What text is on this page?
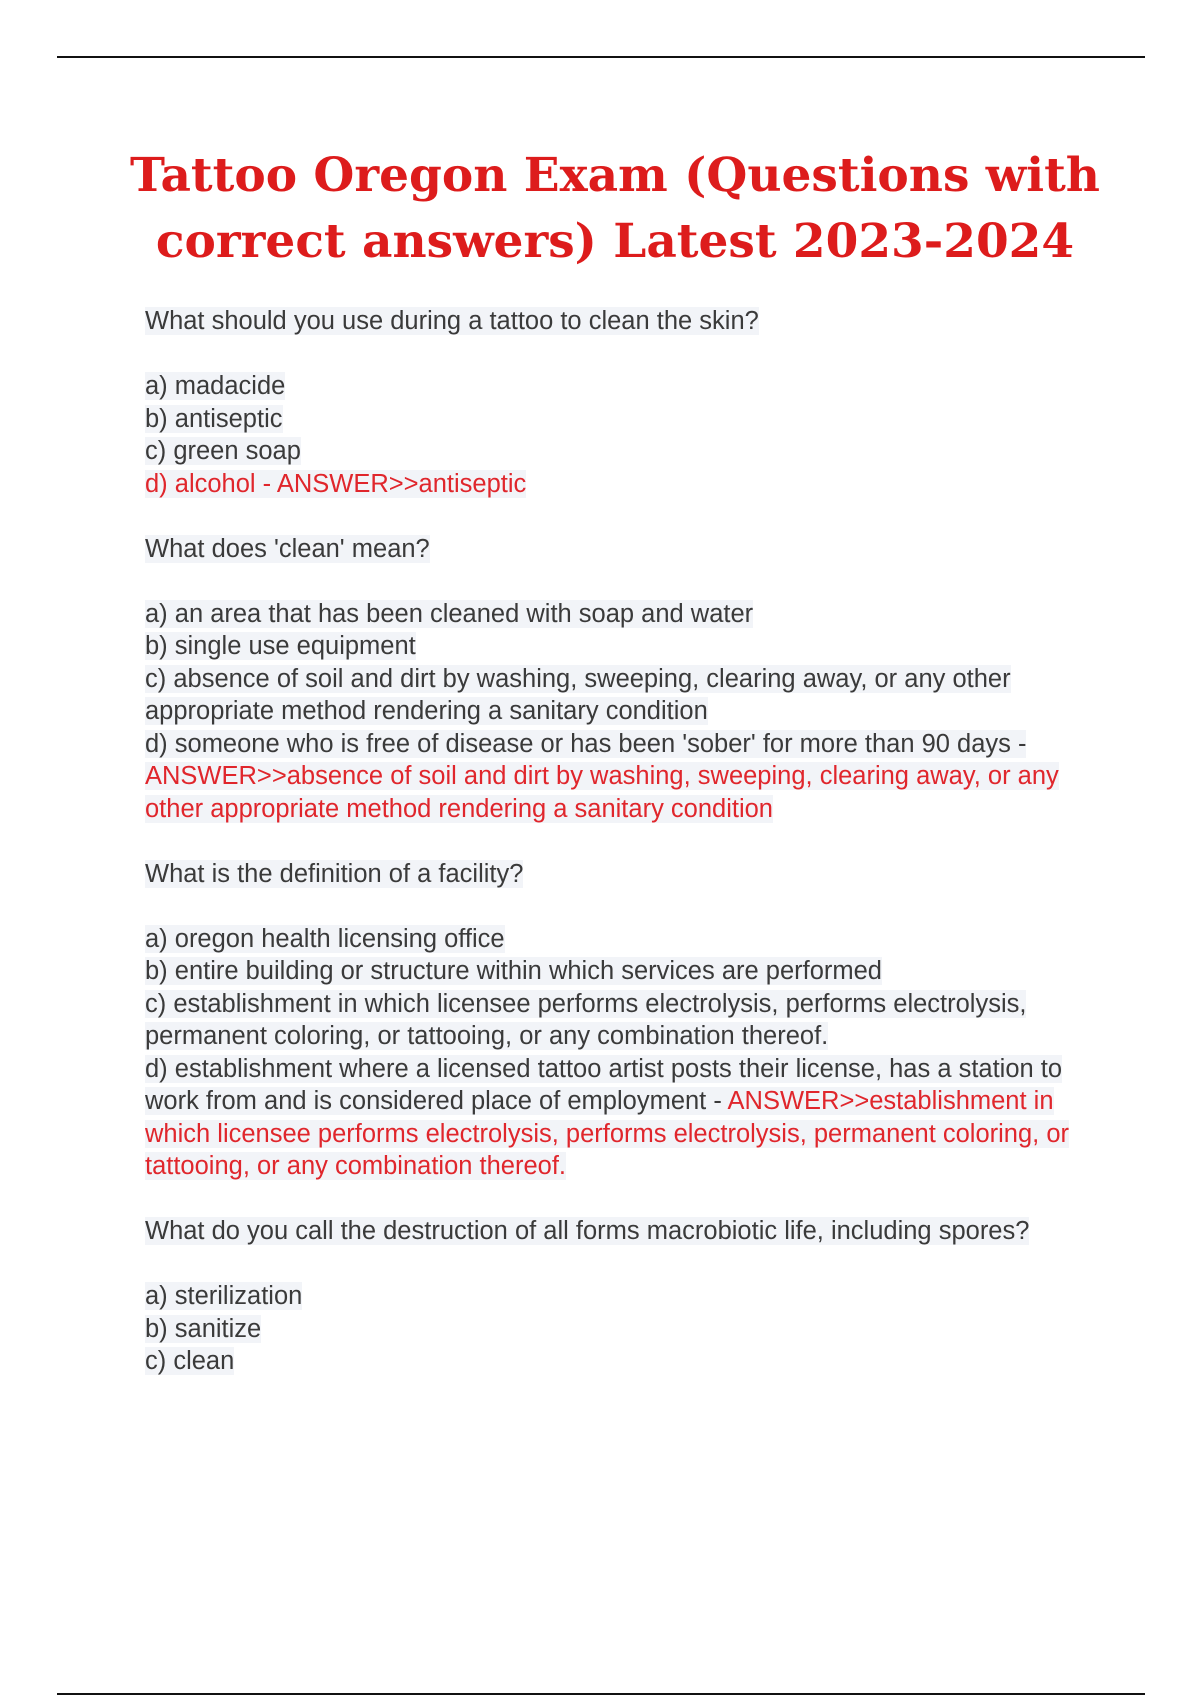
Tattoo Oregon Exam (Questions with correct answers) Latest 2023-2024

What should you use during a tattoo to clean the skin?

a) madacide

b) antiseptic

c) green soap

d) alcohol - ANSWER>>antiseptic

What does 'clean' mean?

a) an area that has been cleaned with soap and water

b) single use equipment

c) absence of soil and dirt by washing, sweeping, clearing away, or any other appropriate method rendering a sanitary condition

d) someone who is free of disease or has been 'sober' for more than 90 days - ANSWER>>absence of soil and dirt by washing, sweeping, clearing away, or any other appropriate method rendering a sanitary condition

What is the definition of a facility?

a) oregon health licensing office

b) entire building or structure within which services are performed

c) establishment in which licensee performs electrolysis, performs electrolysis, permanent coloring, or tattooing, or any combination thereof.

d) establishment where a licensed tattoo artist posts their license, has a station to work from and is considered place of employment - ANSWER>>establishment in which licensee performs electrolysis, performs electrolysis, permanent coloring, or tattooing, or any combination thereof.

What do you call the destruction of all forms macrobiotic life, including spores?

a) sterilization

b) sanitize

c) clean
